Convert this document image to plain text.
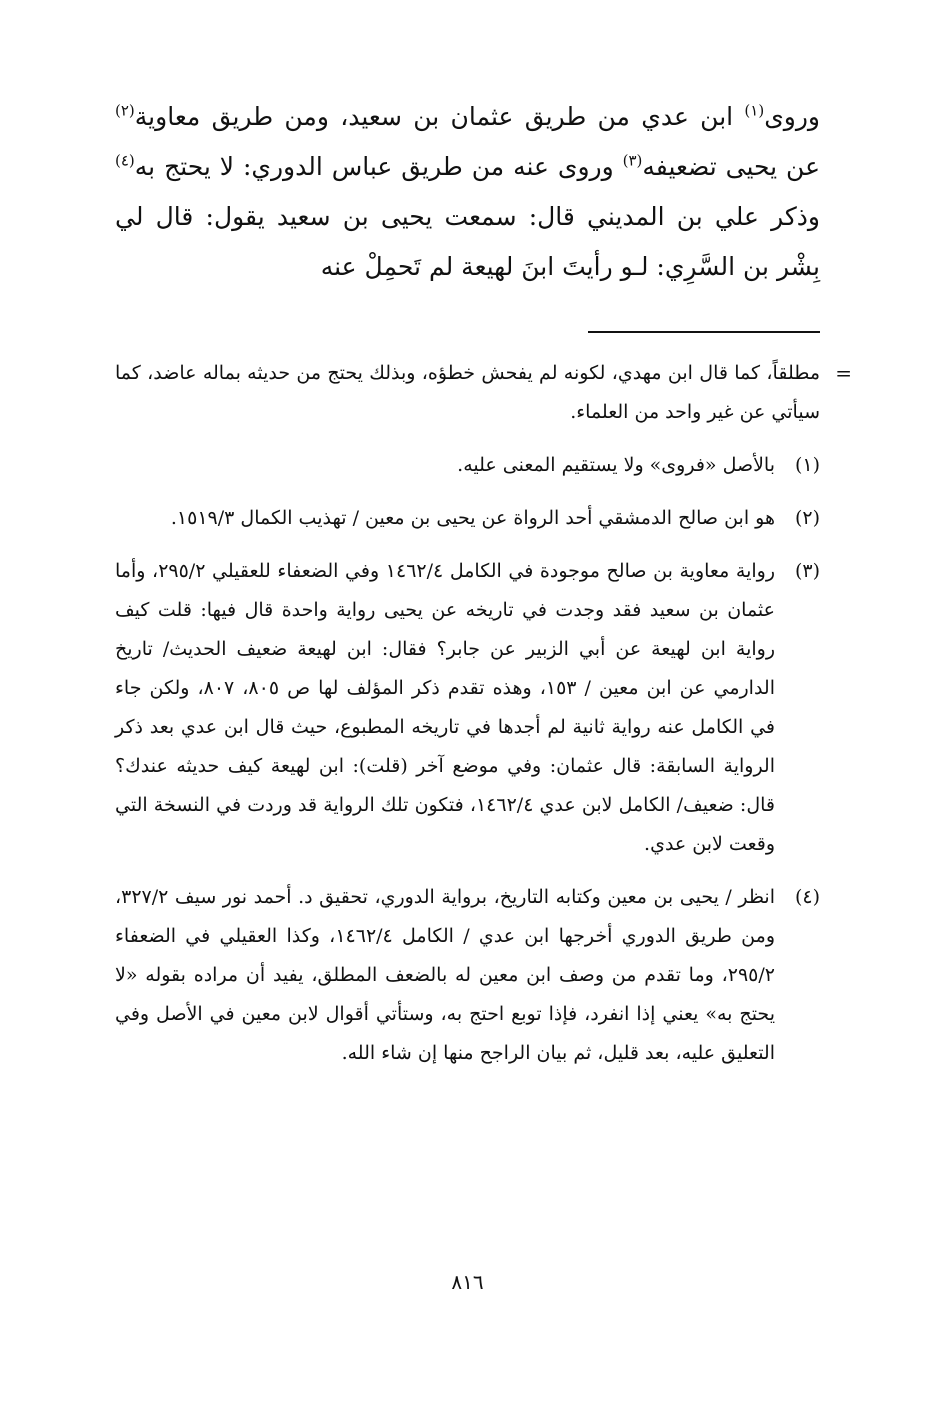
وروى$^{(١)}$ ابن عدي من طريق عثمان بن سعيد، ومن طريق معاوية$^{(٢)}$ عن يحيى تضعيفه$^{(٣)}$ وروى عنه من طريق عباس الدوري: لا يحتج به$^{(٤)}$ وذكر علي بن المديني قال: سمعت يحيى بن سعيد يقول: قال لي بِشْر بن السَّرِي: لـو رأيتَ ابنَ لهيعة لم تَحمِلْ عنه

=
مطلقاً، كما قال ابن مهدي، لكونه لم يفحش خطؤه، وبذلك يحتج من حديثه بماله عاضد، كما سيأتي عن غير واحد من العلماء.
(١)
بالأصل «فروى» ولا يستقيم المعنى عليه.
(٢)
هو ابن صالح الدمشقي أحد الرواة عن يحيى بن معين / تهذيب الكمال ١٥١٩/٣.
(٣)
رواية معاوية بن صالح موجودة في الكامل ١٤٦٢/٤ وفي الضعفاء للعقيلي ٢٩٥/٢، وأما عثمان بن سعيد فقد وجدت في تاريخه عن يحيى رواية واحدة قال فيها: قلت كيف رواية ابن لهيعة عن أبي الزبير عن جابر؟ فقال: ابن لهيعة ضعيف الحديث/ تاريخ الدارمي عن ابن معين / ١٥٣، وهذه تقدم ذكر المؤلف لها ص ٨٠٥، ٨٠٧، ولكن جاء في الكامل عنه رواية ثانية لم أجدها في تاريخه المطبوع، حيث قال ابن عدي بعد ذكر الرواية السابقة: قال عثمان: وفي موضع آخر (قلت): ابن لهيعة كيف حديثه عندك؟ قال: ضعيف/ الكامل لابن عدي ١٤٦٢/٤، فتكون تلك الرواية قد وردت في النسخة التي وقعت لابن عدي.
(٤)
انظر / يحيى بن معين وكتابه التاريخ، برواية الدوري، تحقيق د. أحمد نور سيف ٣٢٧/٢، ومن طريق الدوري أخرجها ابن عدي / الكامل ١٤٦٢/٤، وكذا العقيلي في الضعفاء ٢٩٥/٢، وما تقدم من وصف ابن معين له بالضعف المطلق، يفيد أن مراده بقوله «لا يحتج به» يعني إذا انفرد، فإذا توبع احتج به، وستأتي أقوال لابن معين في الأصل وفي التعليق عليه، بعد قليل، ثم بيان الراجح منها إن شاء الله.
٨١٦
